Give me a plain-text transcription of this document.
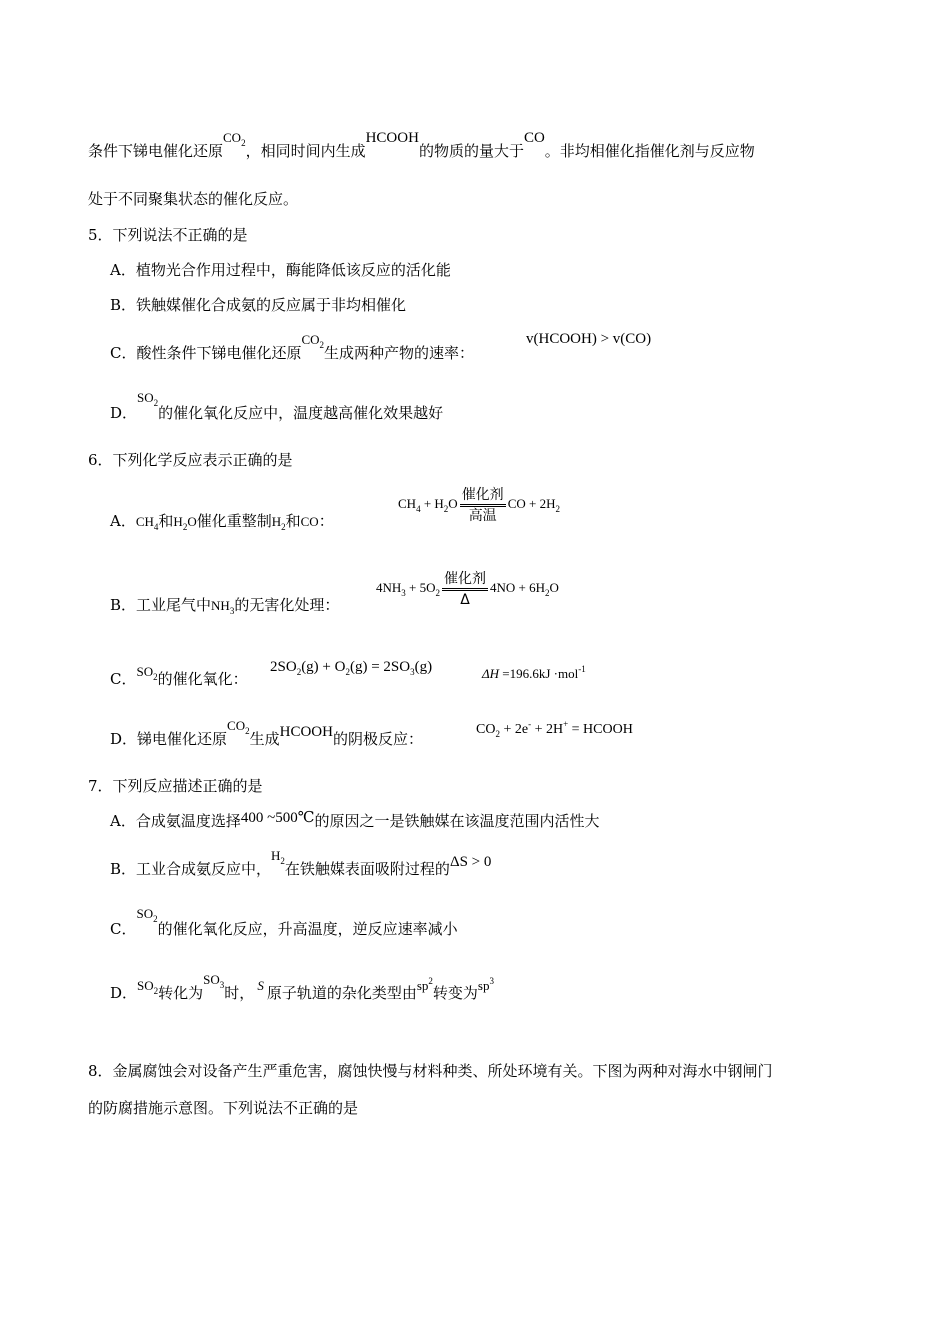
条件下锑电催化还原$CO_2$，相同时间内生成HCOOH的物质的量大于CO。非均相催化指催化剂与反应物
处于不同聚集状态的催化反应。
5．下列说法不正确的是
A．植物光合作用过程中，酶能降低该反应的活化能
B．铁触媒催化合成氨的反应属于非均相催化
C．酸性条件下锑电催化还原$CO_2$生成两种产物的速率：
v(HCOOH) > v(CO)
D．$SO_2$的催化氧化反应中，温度越高催化效果越好
6．下列化学反应表示正确的是
A．$CH_4$和$H_2O$催化重整制$H_2$和CO：
$CH_4 + H_2O \frac{\text{催化剂}}{\text{高温}}$ CO + $2H_2$
B．工业尾气中$NH_3$的无害化处理：
$4NH_3 + 5O_2 \frac{\text{催化剂}}{\Delta} 4NO + 6H_2O$
C．$SO_2$的催化氧化：
$2SO_2(g) + O_2(g) = 2SO_3(g)$	ΔH =196.6kJ ·mol$^{-1}$
D．锑电催化还原$CO_2$生成HCOOH的阴极反应：
$CO_2 + 2e^- + 2H^+$ = HCOOH
7．下列反应描述正确的是
A．合成氨温度选择400 ~500℃的原因之一是铁触媒在该温度范围内活性大
B．工业合成氨反应中，$H_2$在铁触媒表面吸附过程的ΔS > 0
C．$SO_2$的催化氧化反应，升高温度，逆反应速率减小
D．$SO_2$转化为$SO_3$时， S 原子轨道的杂化类型由$sp^2$转变为$sp^3$
8．金属腐蚀会对设备产生严重危害，腐蚀快慢与材料种类、所处环境有关。下图为两种对海水中钢闸门
的防腐措施示意图。下列说法不正确的是
